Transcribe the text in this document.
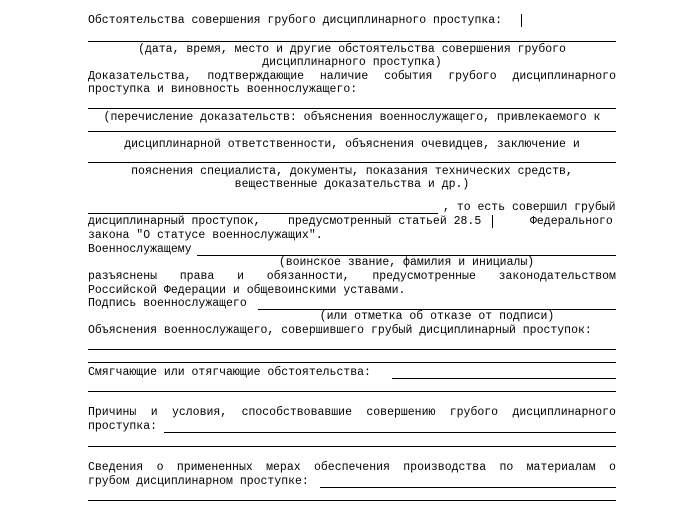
Обстоятельства совершения грубого дисциплинарного проступка:
(дата, время, место и другие обстоятельства совершения грубого
дисциплинарного проступка)
Доказательства, подтверждающие наличие события грубого дисциплинарного
проступка и виновность военнослужащего:
(перечисление доказательств: объяснения военнослужащего, привлекаемого к
дисциплинарной ответственности, объяснения очевидцев, заключение и
пояснения специалиста, документы, показания технических средств,
вещественные доказательства и др.)
, то есть совершил грубый
дисциплинарный проступок, предусмотренный статьей 28.5	Федерального
закона "О статусе военнослужащих".
Военнослужащему
(воинское звание, фамилия и инициалы)
разъяснены права и обязанности, предусмотренные законодательством
Российской Федерации и общевоинскими уставами.
Подпись военнослужащего
(или отметка об отказе от подписи)
Объяснения военнослужащего, совершившего грубый дисциплинарный проступок:
Смягчающие или отягчающие обстоятельства:
Причины и условия, способствовавшие совершению грубого дисциплинарного
проступка:
Сведения о примененных мерах обеспечения производства по материалам о
грубом дисциплинарном проступке:
